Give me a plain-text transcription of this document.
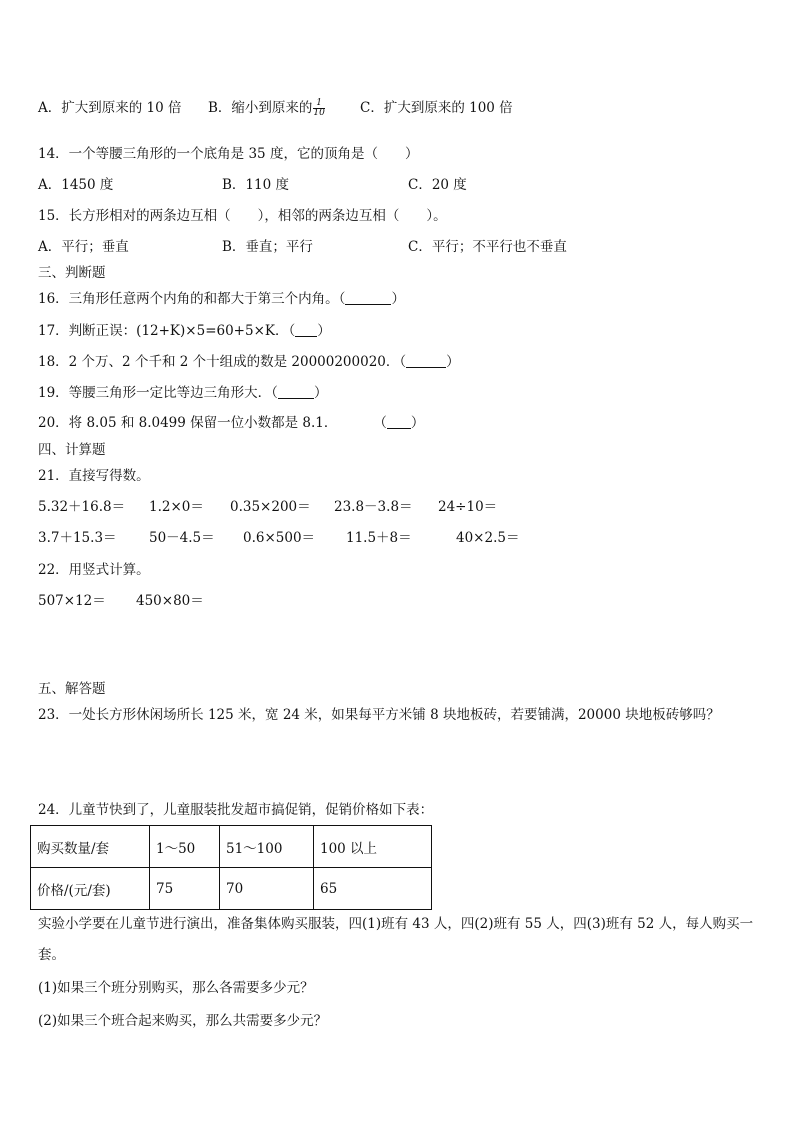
A．扩大到原来的 10 倍 B．缩小到原来的 $\frac{1}{10}$	C．扩大到原来的 100 倍
14．一个等腰三角形的一个底角是 35 度，它的顶角是（　　）
A．1450 度	B．110 度	C．20 度
15．长方形相对的两条边互相（　　），相邻的两条边互相（　　）。
A．平行；垂直	B．垂直；平行	C．平行；不平行也不垂直
三、判断题
16．三角形任意两个内角的和都大于第三个内角。（	）
17．判断正误：(12+K)×5=60+5×K．（ ）
18．2 个万、2 个千和 2 个十组成的数是 20000200020．（	）
19．等腰三角形一定比等边三角形大．（	）
20．将 8.05 和 8.0499 保留一位小数都是 8.1．	（ ）
四、计算题
21．直接写得数。
5.32＋16.8＝ 1.2×0＝ 0.35×200＝ 23.8－3.8＝ 24÷10＝
3.7＋15.3＝ 50－4.5＝ 0.6×500＝ 11.5＋8＝	40×2.5＝
22．用竖式计算。
507×12＝ 450×80＝
五、解答题
23．一处长方形休闲场所长 125 米，宽 24 米，如果每平方米铺 8 块地板砖，若要铺满，20000 块地板砖够吗？
24．儿童节快到了，儿童服装批发超市搞促销，促销价格如下表：
购买数量/套	1～50	51～100	100 以上
价格/(元/套)	75	70	65
实验小学要在儿童节进行演出，准备集体购买服装，四(1)班有 43 人，四(2)班有 55 人，四(3)班有 52 人，每人购买一
套。
(1)如果三个班分别购买，那么各需要多少元？
(2)如果三个班合起来购买，那么共需要多少元？
